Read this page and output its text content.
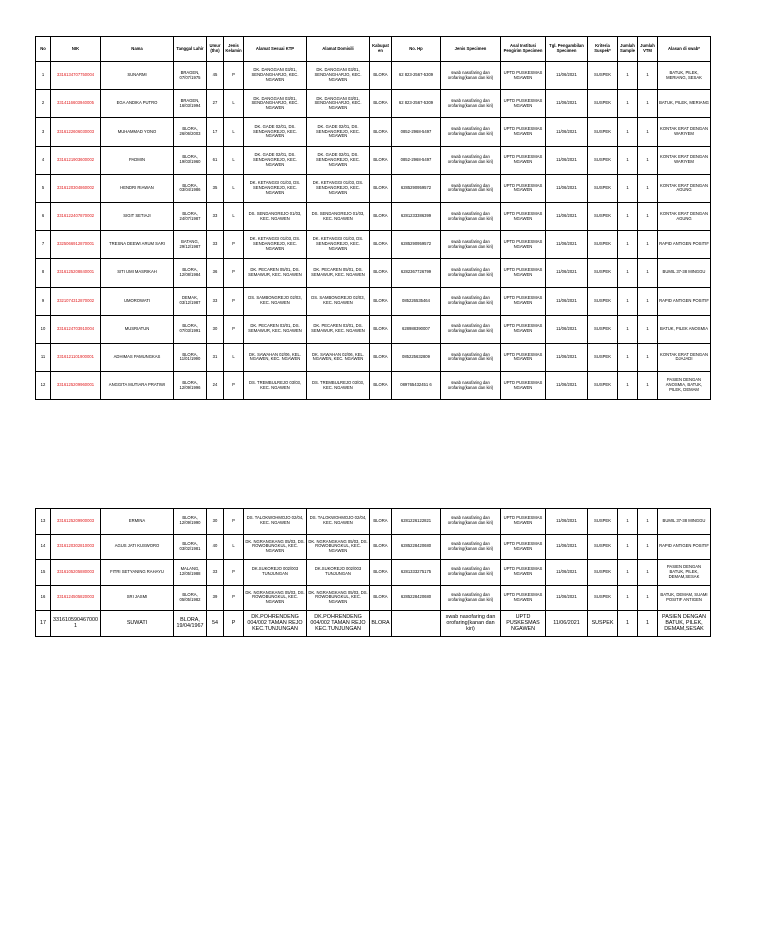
No	NIK	Nama	Tanggal Lahir	Umur (thn)	Jenis Kelamin	Alamat Sesuai KTP	Alamat Domisili	Kabupaten	No. Hp	Jenis Specimen	Asal Institusi Pengirim Specimen	Tgl. Pengambilan Specimen	Kriteria Suspek*	Jumlah Sample	Jumlah VTM	Alasan di swab*
1	3316134707750004	SUNARMI	BRAGEN, 07/07/1975	45	P	DK. DANGGANI 03/01, SENDANGHARJO, KEC. NGAWEN	DK. DANGGANI 03/01, SENDANGHARJO, KEC. NGAWEN	BLORA	62 823-2567-5309	swab nasofaring dan orofaring(kanan dan kiri)	UPTD PUSKESMAS NGAWEN	11/06/2021	SUSPEK	1	1	BATUK, PILEK, MERIANG, SESAK
2	3314116603940005	EGA ANDIKA PUTRO	BRAGEN, 16/03/1994	27	L	DK. DANGGANI 03/01, SENDANGHARJO, KEC. NGAWEN	DK. DANGGANI 03/01, SENDANGHARJO, KEC. NGAWEN	BLORA	62 823-2567-5309	swab nasofaring dan orofaring(kanan dan kiri)	UPTD PUSKESMAS NGAWEN	11/06/2021	SUSPEK	1	1	BATUK, PILEK, MERIANG
3	3316122606030003	MUHAMMAD YONO	BLORA, 26/06/2003	17	L	DK. GADE 02/01, DS. SENDANGREJO, KEC. NGAWEN	DK. GADE 02/01, DS. SENDANGREJO, KEC. NGAWEN	BLORA	0852-2968-5497	swab nasofaring dan orofaring(kanan dan kiri)	UPTD PUSKESMAS NGAWEN	11/06/2021	SUSPEK	1	1	KONTAK ERAT DENGAN WARIYEM
4	3316121903600002	PADMIN	BLORA, 19/03/1960	61	L	DK. GADE 02/01, DS. SENDANGREJO, KEC. NGAWEN	DK. GADE 02/01, DS. SENDANGREJO, KEC. NGAWEN	BLORA	0852-2968-5497	swab nasofaring dan orofaring(kanan dan kiri)	UPTD PUSKESMAS NGAWEN	11/06/2021	SUSPEK	1	1	KONTAK ERAT DENGAN WARIYEM
5	3316120304860002	HENDRI RIAWAN	BLORA, 03/04/1986	35	L	DK. KETANGGI 01/03, DS. SENDANGREJO, KEC. NGAWEN	DK. KETANGGI 01/03, DS. SENDANGREJO, KEC. NGAWEN	BLORA	6285290959572	swab nasofaring dan orofaring(kanan dan kiri)	UPTD PUSKESMAS NGAWEN	11/06/2021	SUSPEK	1	1	KONTAK ERAT DENGAN AGUNG
6	3316122407870002	SIGIT SETIAJI	BLORA, 24/07/1987	33	L	DS. SENDANGREJO 01/03, KEC. NGAWEN	DS. SENDANGREJO 01/03, KEC. NGAWEN	BLORA	6281233386399	swab nasofaring dan orofaring(kanan dan kiri)	UPTD PUSKESMAS NGAWEN	11/06/2021	SUSPEK	1	1	KONTAK ERAT DENGAN AGUNG
7	3325066912870001	TRESNA DEEWI ARUM SARI	BATANG, 29/12/1987	33	P	DK. KETANGGI 01/03, DS. SENDANGREJO, KEC. NGAWEN	DK. KETANGGI 01/03, DS. SENDANGREJO, KEC. NGAWEN	BLORA	6285290959572	swab nasofaring dan orofaring(kanan dan kiri)	UPTD PUSKESMAS NGAWEN	11/06/2021	SUSPEK	1	1	RAPID ANTIGEN POSITIF
8	3316125208840001	SITI UMI MASRIKAH	BLORA, 12/08/1984	36	P	DK. PECAREN 05/01, DS. SEMAWUR, KEC. NGAWEN	DK. PECAREN 05/01, DS. SEMAWUR, KEC. NGAWEN	BLORA	6282367726799	swab nasofaring dan orofaring(kanan dan kiri)	UPTD PUSKESMAS NGAWEN	11/06/2021	SUSPEK	1	1	BUMIL 37-38 MINGGU
9	3321074312870002	UMOROWATI	DEMAK, 03/12/1987	33	P	DS. SAMBONGREJO 02/03, KEC. NGAWEN	DS. SAMBONGREJO 02/03, KEC. NGAWEN	BLORA	085226535464	swab nasofaring dan orofaring(kanan dan kiri)	UPTD PUSKESMAS NGAWEN	11/06/2021	SUSPEK	1	1	RAPID ANTIGEN POSITIF
10	3316124703910004	MUSRIATUN	BLORA, 07/03/1991	30	P	DK. PECAREN 03/01, DS. SEMAWUR, KEC. NGAWEN	DK. PECAREN 03/01, DS. SEMAWUR, KEC. NGAWEN	BLORA	628988390007	swab nasofaring dan orofaring(kanan dan kiri)	UPTD PUSKESMAS NGAWEN	11/06/2021	SUSPEK	1	1	BATUK, PILEK ANOSMIA
11	3316121101900001	ADHIMAS PAMUNGKAS	BLORA, 11/01/1990	31	L	DK. SAWAHAN 02/06, KEL. NGAWEN, KEC. NGAWEN	DK. SAWAHAN 02/06, KEL. NGAWEN, KEC. NGAWEN	BLORA	085225632809	swab nasofaring dan orofaring(kanan dan kiri)	UPTD PUSKESMAS NGAWEN	11/06/2021	SUSPEK	1	1	KONTAK ERAT DENGAN DJAJADI
12	3316125209960001	ANGGITA MUTIARA PRATIWI	BLORA, 12/09/1996	24	P	DS. TREMBULREJO 03/03, KEC. NGAWEN	DS. TREMBULREJO 03/03, KEC. NGAWEN	BLORA	089765432451 6	swab nasofaring dan orofaring(kanan dan kiri)	UPTD PUSKESMAS NGAWEN	11/06/2021	SUSPEK	1	1	PASIEN DENGAN ANOSMIA, BATUK, PILEK, DEMAM
13	3316125209900003	ERMINA	BLORA, 12/09/1990	30	P	DS. TALOKWOHMOJO 02/04, KEC. NGAWEN	DS. TALOKWOHMOJO 02/04, KEC. NGAWEN	BLORA	6281226122821	swab nasofaring dan orofaring(kanan dan kiri)	UPTD PUSKESMAS NGAWEN	11/06/2021	SUSPEK	1	1	BUMIL 37-38 MINGGU
14	3316120302810003	AGUS JATI KUSWORO	BLORA, 03/02/1981	40	L	DK. NGRANGKANG 05/03, DS. ROWOBUNGKUL, KEC. NGAWEN	DK. NGRANGKANG 05/03, DS. ROWOBUNGKUL, KEC. NGAWEN	BLORA	6285228420680	swab nasofaring dan orofaring(kanan dan kiri)	UPTD PUSKESMAS NGAWEN	11/06/2021	SUSPEK	1	1	RAPID ANTIGEN POSITIF
15	3316105205880003	FITRI SETYANING RAHAYU	MALANG, 12/05/1988	33	P	DK.SUKOREJO 002/003 TUNJUNGAN	DK.SUKOREJO 002/003 TUNJUNGAN	BLORA	6281333275175	swab nasofaring dan orofaring(kanan dan kiri)	UPTD PUSKESMAS NGAWEN	11/06/2021	SUSPEK	1	1	PASIEN DENGAN BATUK, PILEK, DEMAM,SESAK
16	3316124505820003	SRI JASMI	BLORA, 05/05/1982	39	P	DK. NGRANGKANG 05/03, DS. ROWOBUNGKUL, KEC. NGAWEN	DK. NGRANGKANG 05/03, DS. ROWOBUNGKUL, KEC. NGAWEN	BLORA	6285228420680	swab nasofaring dan orofaring(kanan dan kiri)	UPTD PUSKESMAS NGAWEN	11/06/2021	SUSPEK	1	1	BATUK, DEMAM, SUAMI POSITIF ANTIGEN
17	3316105904670001	SUWATI	BLORA, 19/04/1967	54	P	DK.POHRENDENG 004/002 TAMAN REJO KEC.TUNJUNGAN	DK.POHRENDENG 004/002 TAMAN REJO KEC.TUNJUNGAN	BLORA		swab nasofaring dan orofaring(kanan dan kiri)	UPTD PUSKESMAS NGAWEN	11/06/2021	SUSPEK	1	1	PASIEN DENGAN BATUK, PILEK, DEMAM,SESAK
